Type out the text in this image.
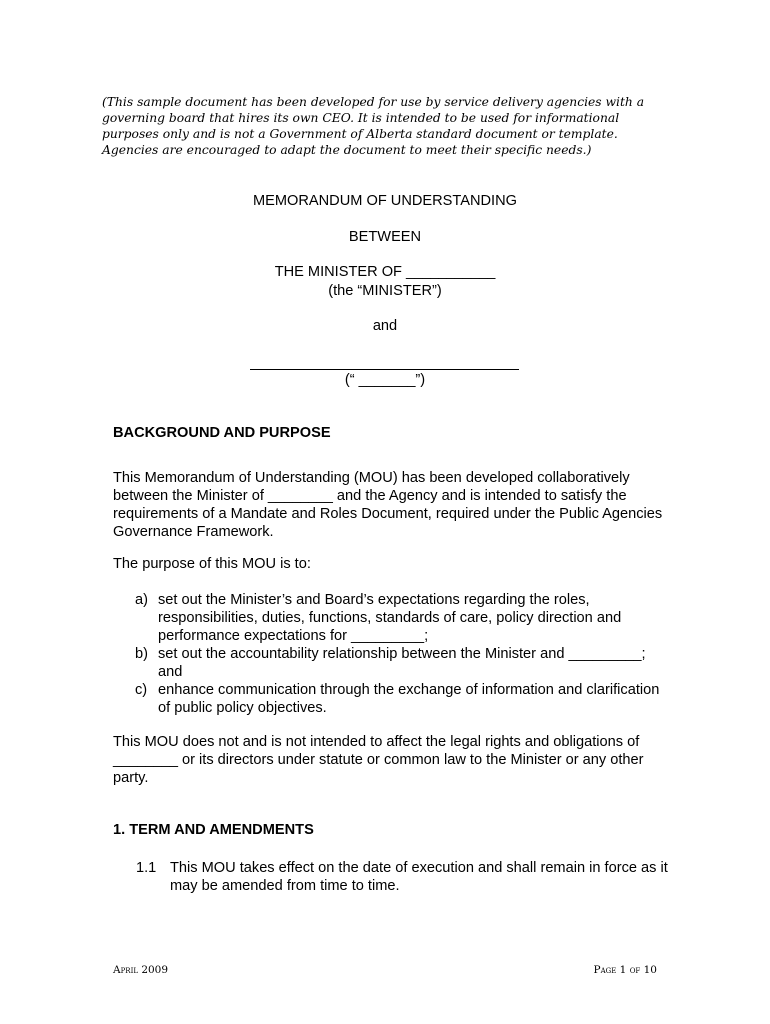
(This sample document has been developed for use by service delivery agencies with a governing board that hires its own CEO. It is intended to be used for informational purposes only and is not a Government of Alberta standard document or template. Agencies are encouraged to adapt the document to meet their specific needs.)

MEMORANDUM OF UNDERSTANDING

BETWEEN

THE MINISTER OF ___________

(the “MINISTER”)

and

(“ _______”)

BACKGROUND AND PURPOSE

This Memorandum of Understanding (MOU) has been developed collaboratively between the Minister of ________ and the Agency and is intended to satisfy the requirements of a Mandate and Roles Document, required under the Public Agencies Governance Framework.

The purpose of this MOU is to:

a) set out the Minister’s and Board’s expectations regarding the roles, responsibilities, duties, functions, standards of care, policy direction and performance expectations for _________;
b) set out the accountability relationship between the Minister and _________; and
c) enhance communication through the exchange of information and clarification of public policy objectives.

This MOU does not and is not intended to affect the legal rights and obligations of ________ or its directors under statute or common law to the Minister or any other party.

1. TERM AND AMENDMENTS

1.1 This MOU takes effect on the date of execution and shall remain in force as it may be amended from time to time.

April 2009	Page 1 of 10
